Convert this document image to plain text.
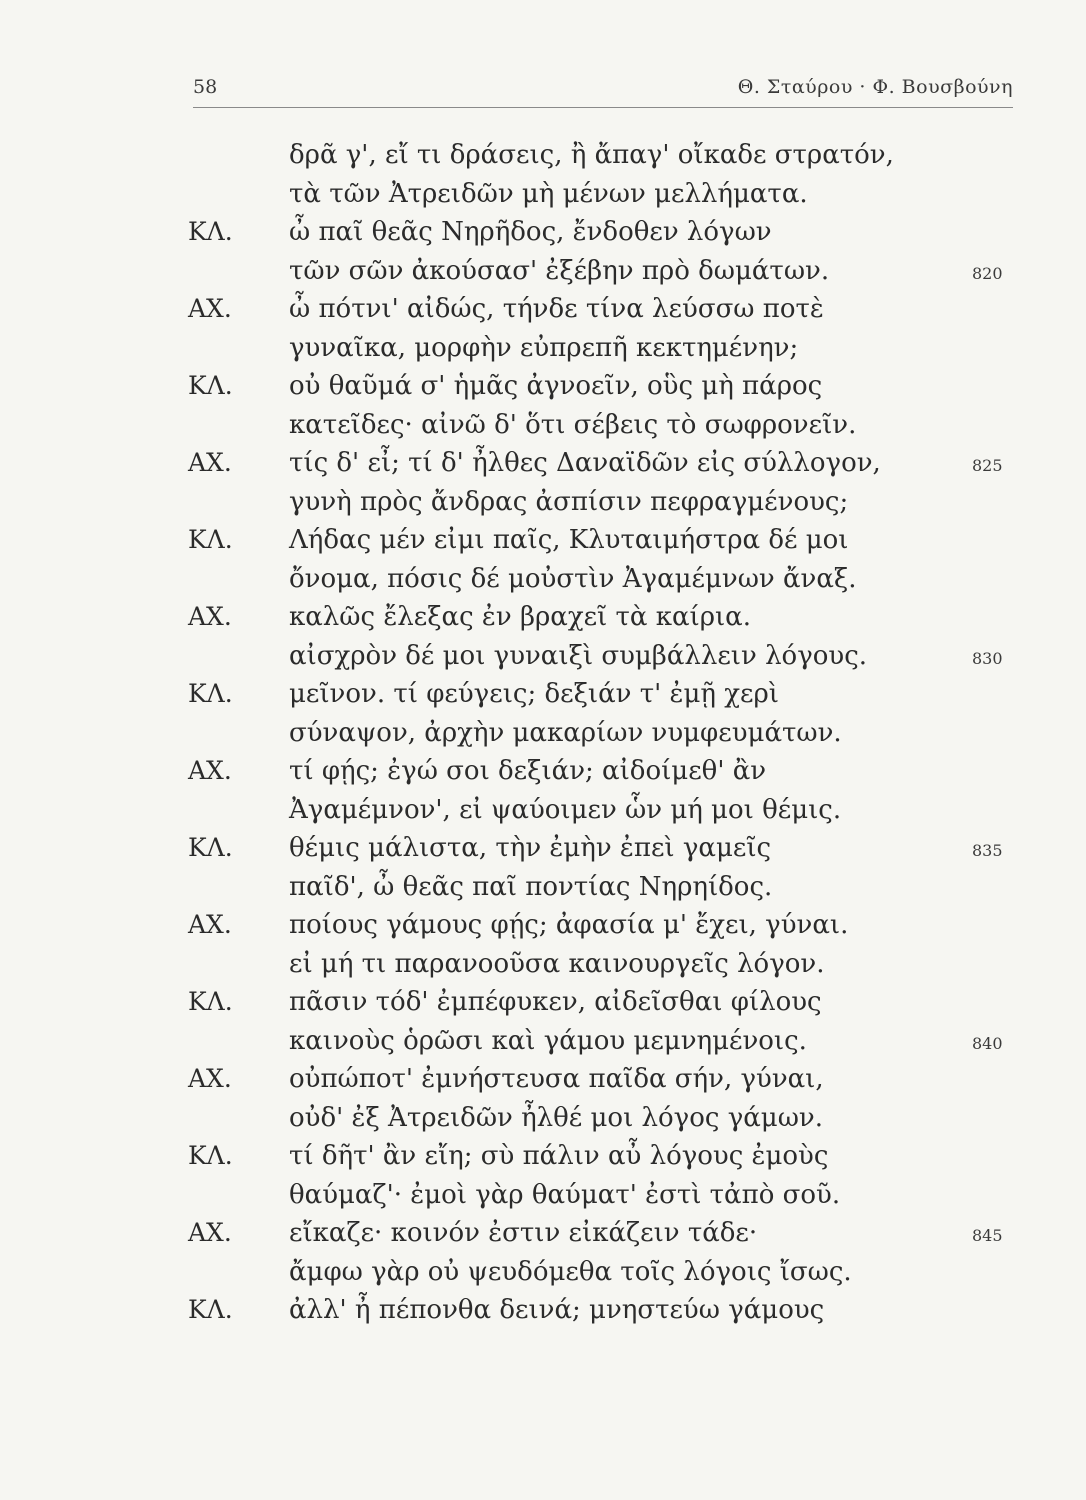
58	Θ. Σταύρου · Φ. Βουσβούνη
δρᾶ γ', εἴ τι δράσεις, ἢ ἄπαγ' οἴκαδε στρατόν,
τὰ τῶν Ἀτρειδῶν μὴ μένων μελλήματα.
ΚΛ.	ὦ παῖ θεᾶς Νηρῆδος, ἔνδοθεν λόγων
τῶν σῶν ἀκούσασ' ἐξέβην πρὸ δωμάτων.	820
ΑΧ.	ὦ πότνι' αἰδώς, τήνδε τίνα λεύσσω ποτὲ
γυναῖκα, μορφὴν εὐπρεπῆ κεκτημένην;
ΚΛ.	οὐ θαῦμά σ' ἡμᾶς ἀγνοεῖν, οὓς μὴ πάρος
κατεῖδες· αἰνῶ δ' ὅτι σέβεις τὸ σωφρονεῖν.
ΑΧ.	τίς δ' εἶ; τί δ' ἦλθες Δαναϊδῶν εἰς σύλλογον,	825
γυνὴ πρὸς ἄνδρας ἀσπίσιν πεφραγμένους;
ΚΛ.	Λήδας μέν εἰμι παῖς, Κλυταιμήστρα δέ μοι
ὄνομα, πόσις δέ μοὐστὶν Ἀγαμέμνων ἄναξ.
ΑΧ.	καλῶς ἔλεξας ἐν βραχεῖ τὰ καίρια.
αἰσχρὸν δέ μοι γυναιξὶ συμβάλλειν λόγους.	830
ΚΛ.	μεῖνον. τί φεύγεις; δεξιάν τ' ἐμῇ χερὶ
σύναψον, ἀρχὴν μακαρίων νυμφευμάτων.
ΑΧ.	τί φῄς; ἐγώ σοι δεξιάν; αἰδοίμεθ' ἂν
Ἀγαμέμνον', εἰ ψαύοιμεν ὧν μή μοι θέμις.
ΚΛ.	θέμις μάλιστα, τὴν ἐμὴν ἐπεὶ γαμεῖς	835
παῖδ', ὦ θεᾶς παῖ ποντίας Νηρηίδος.
ΑΧ.	ποίους γάμους φῄς; ἀφασία μ' ἔχει, γύναι.
εἰ μή τι παρανοοῦσα καινουργεῖς λόγον.
ΚΛ.	πᾶσιν τόδ' ἐμπέφυκεν, αἰδεῖσθαι φίλους
καινοὺς ὁρῶσι καὶ γάμου μεμνημένοις.	840
ΑΧ.	οὐπώποτ' ἐμνήστευσα παῖδα σήν, γύναι,
οὐδ' ἐξ Ἀτρειδῶν ἦλθέ μοι λόγος γάμων.
ΚΛ.	τί δῆτ' ἂν εἴη; σὺ πάλιν αὖ λόγους ἐμοὺς
θαύμαζ'· ἐμοὶ γὰρ θαύματ' ἐστὶ τἀπὸ σοῦ.
ΑΧ.	εἴκαζε· κοινόν ἐστιν εἰκάζειν τάδε·	845
ἄμφω γὰρ οὐ ψευδόμεθα τοῖς λόγοις ἴσως.
ΚΛ.	ἀλλ' ἦ πέπονθα δεινά; μνηστεύω γάμους
